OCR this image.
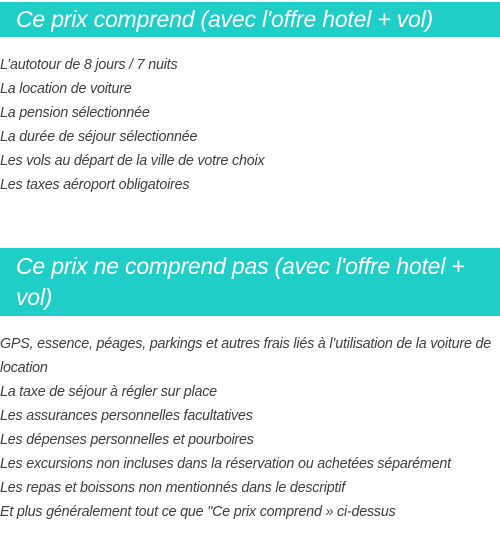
Ce prix comprend (avec l'offre hotel + vol)
L’autotour de 8 jours / 7 nuits
La location de voiture
La pension sélectionnée
La durée de séjour sélectionnée
Les vols au départ de la ville de votre choix
Les taxes aéroport obligatoires
Ce prix ne comprend pas (avec l'offre hotel + vol)
GPS, essence, péages, parkings et autres frais liés à l’utilisation de la voiture de location
La taxe de séjour à régler sur place
Les assurances personnelles facultatives
Les dépenses personnelles et pourboires
Les excursions non incluses dans la réservation ou achetées séparément
Les repas et boissons non mentionnés dans le descriptif
Et plus généralement tout ce que "Ce prix comprend » ci-dessus
